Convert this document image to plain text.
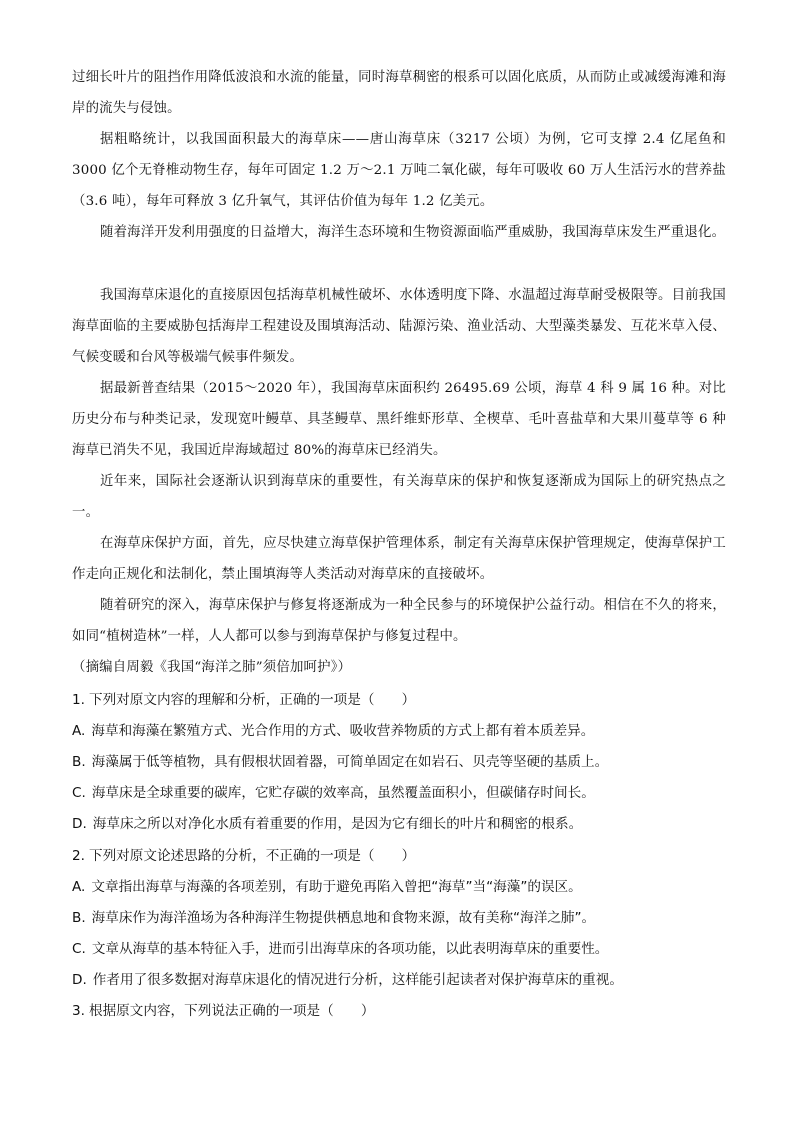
过细长叶片的阻挡作用降低波浪和水流的能量，同时海草稠密的根系可以固化底质，从而防止或减缓海滩和海岸的流失与侵蚀。

据粗略统计，以我国面积最大的海草床——唐山海草床（3217 公顷）为例，它可支撑 2.4 亿尾鱼和 3000 亿个无脊椎动物生存，每年可固定 1.2 万～2.1 万吨二氧化碳，每年可吸收 60 万人生活污水的营养盐（3.6 吨），每年可释放 3 亿升氧气，其评估价值为每年 1.2 亿美元。

随着海洋开发利用强度的日益增大，海洋生态环境和生物资源面临严重威胁，我国海草床发生严重退化。

我国海草床退化的直接原因包括海草机械性破坏、水体透明度下降、水温超过海草耐受极限等。目前我国海草面临的主要威胁包括海岸工程建设及围填海活动、陆源污染、渔业活动、大型藻类暴发、互花米草入侵、气候变暖和台风等极端气候事件频发。

据最新普查结果（2015～2020 年），我国海草床面积约 26495.69 公顷，海草 4 科 9 属 16 种。对比历史分布与种类记录，发现宽叶鳗草、具茎鳗草、黑纤维虾形草、全楔草、毛叶喜盐草和大果川蔓草等 6 种海草已消失不见，我国近岸海域超过 80%的海草床已经消失。

近年来，国际社会逐渐认识到海草床的重要性，有关海草床的保护和恢复逐渐成为国际上的研究热点之一。

在海草床保护方面，首先，应尽快建立海草保护管理体系，制定有关海草床保护管理规定，使海草保护工作走向正规化和法制化，禁止围填海等人类活动对海草床的直接破坏。

随着研究的深入，海草床保护与修复将逐渐成为一种全民参与的环境保护公益行动。相信在不久的将来，如同“植树造林”一样，人人都可以参与到海草保护与修复过程中。

（摘编自周毅《我国“海洋之肺”须倍加呵护》）

1. 下列对原文内容的理解和分析，正确的一项是（　　）
A. 海草和海藻在繁殖方式、光合作用的方式、吸收营养物质的方式上都有着本质差异。
B. 海藻属于低等植物，具有假根状固着器，可简单固定在如岩石、贝壳等坚硬的基质上。
C. 海草床是全球重要的碳库，它贮存碳的效率高，虽然覆盖面积小，但碳储存时间长。
D. 海草床之所以对净化水质有着重要的作用，是因为它有细长的叶片和稠密的根系。
2. 下列对原文论述思路的分析，不正确的一项是（　　）
A. 文章指出海草与海藻的各项差别，有助于避免再陷入曾把“海草”当“海藻”的误区。
B. 海草床作为海洋渔场为各种海洋生物提供栖息地和食物来源，故有美称“海洋之肺”。
C. 文章从海草的基本特征入手，进而引出海草床的各项功能，以此表明海草床的重要性。
D. 作者用了很多数据对海草床退化的情况进行分析，这样能引起读者对保护海草床的重视。
3. 根据原文内容，下列说法正确的一项是（　　）
